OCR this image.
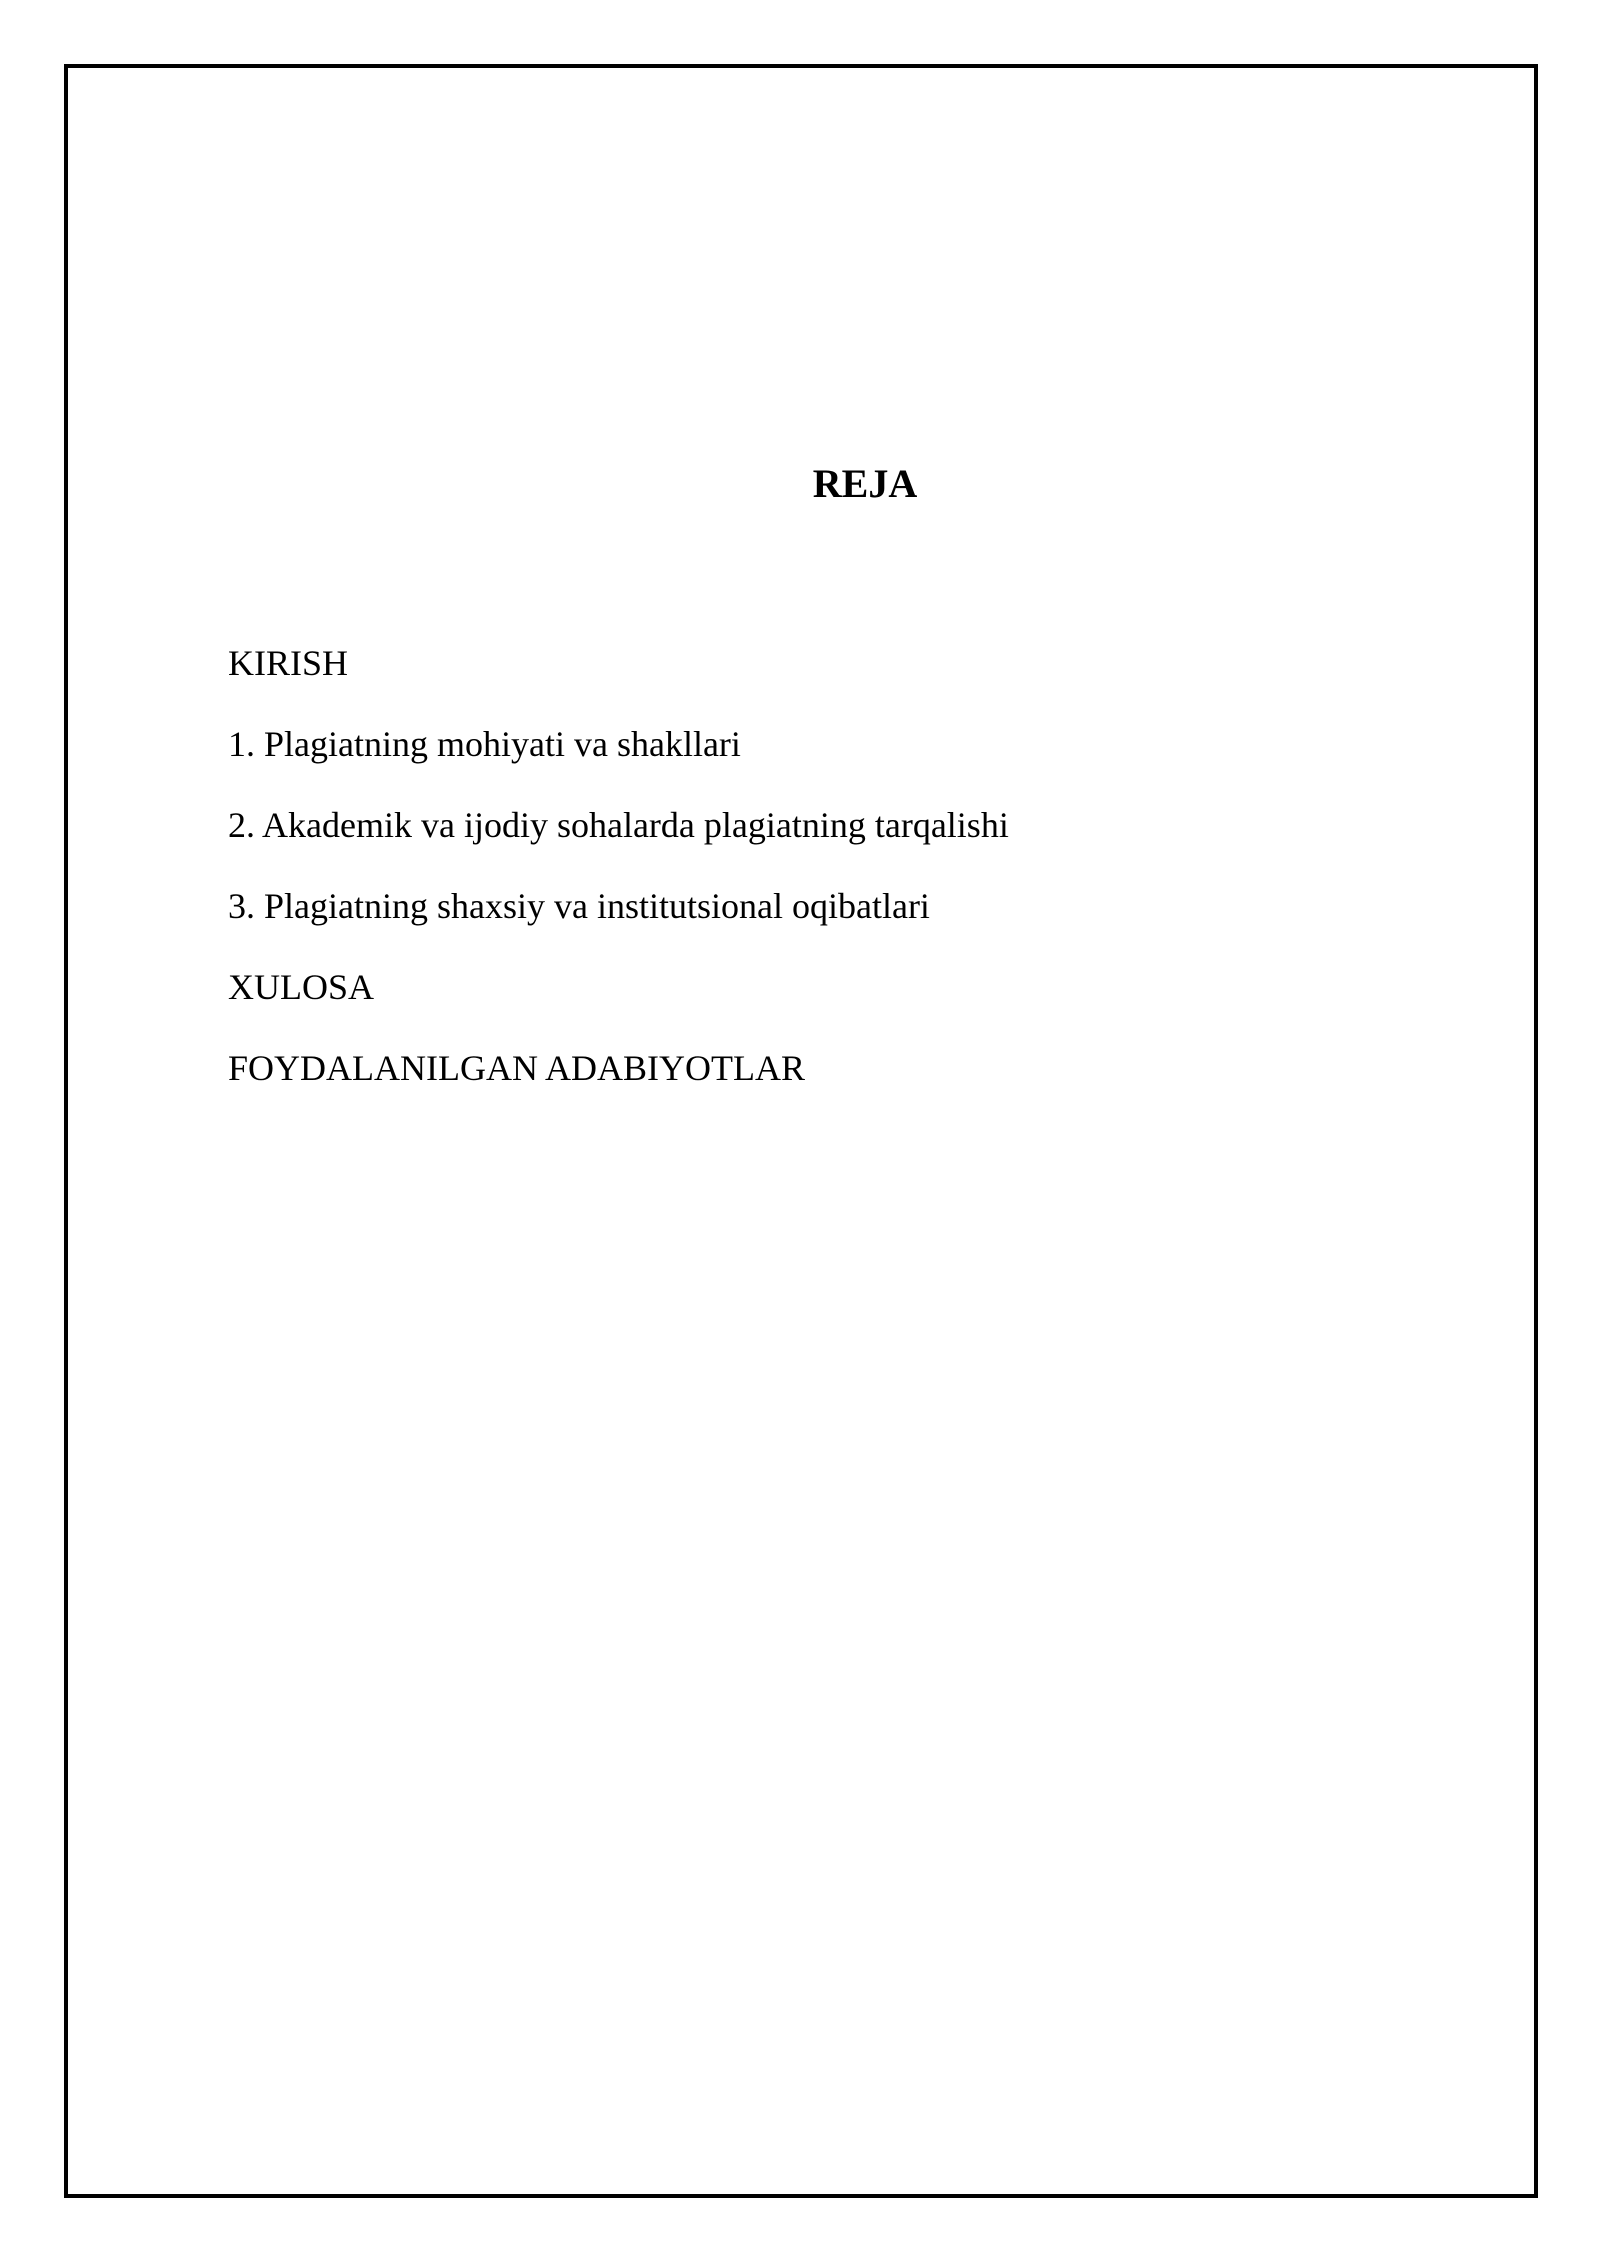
REJA
KIRISH
1. Plagiatning mohiyati va shakllari
2. Akademik va ijodiy sohalarda plagiatning tarqalishi
3. Plagiatning shaxsiy va institutsional oqibatlari
XULOSA
FOYDALANILGAN ADABIYOTLAR
